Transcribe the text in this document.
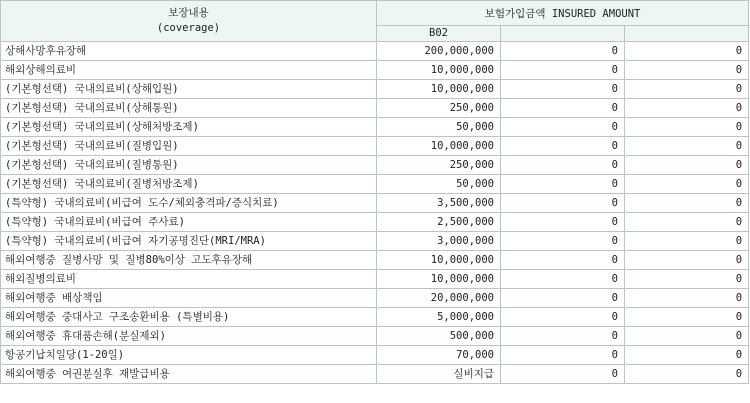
보장내용
(coverage)	보험가입금액 INSURED AMOUNT		
	B02		
상해사망후유장해	200,000,000	0	0
해외상해의료비	10,000,000	0	0
(기본형선택) 국내의료비(상해입원)	10,000,000	0	0
(기본형선택) 국내의료비(상해통원)	250,000	0	0
(기본형선택) 국내의료비(상해처방조제)	50,000	0	0
(기본형선택) 국내의료비(질병입원)	10,000,000	0	0
(기본형선택) 국내의료비(질병통원)	250,000	0	0
(기본형선택) 국내의료비(질병처방조제)	50,000	0	0
(특약형) 국내의료비(비급여 도수/체외충격파/증식치료)	3,500,000	0	0
(특약형) 국내의료비(비급여 주사료)	2,500,000	0	0
(특약형) 국내의료비(비급여 자기공명진단(MRI/MRA)	3,000,000	0	0
해외여행중 질병사망 및 질병80%이상 고도후유장해	10,000,000	0	0
해외질병의료비	10,000,000	0	0
해외여행중 배상책임	20,000,000	0	0
해외여행중 중대사고 구조송환비용 (특별비용)	5,000,000	0	0
해외여행중 휴대품손해(분실제외)	500,000	0	0
항공기납치일당(1-20일)	70,000	0	0
해외여행중 여권분실후 재발급비용	실비지급	0	0
